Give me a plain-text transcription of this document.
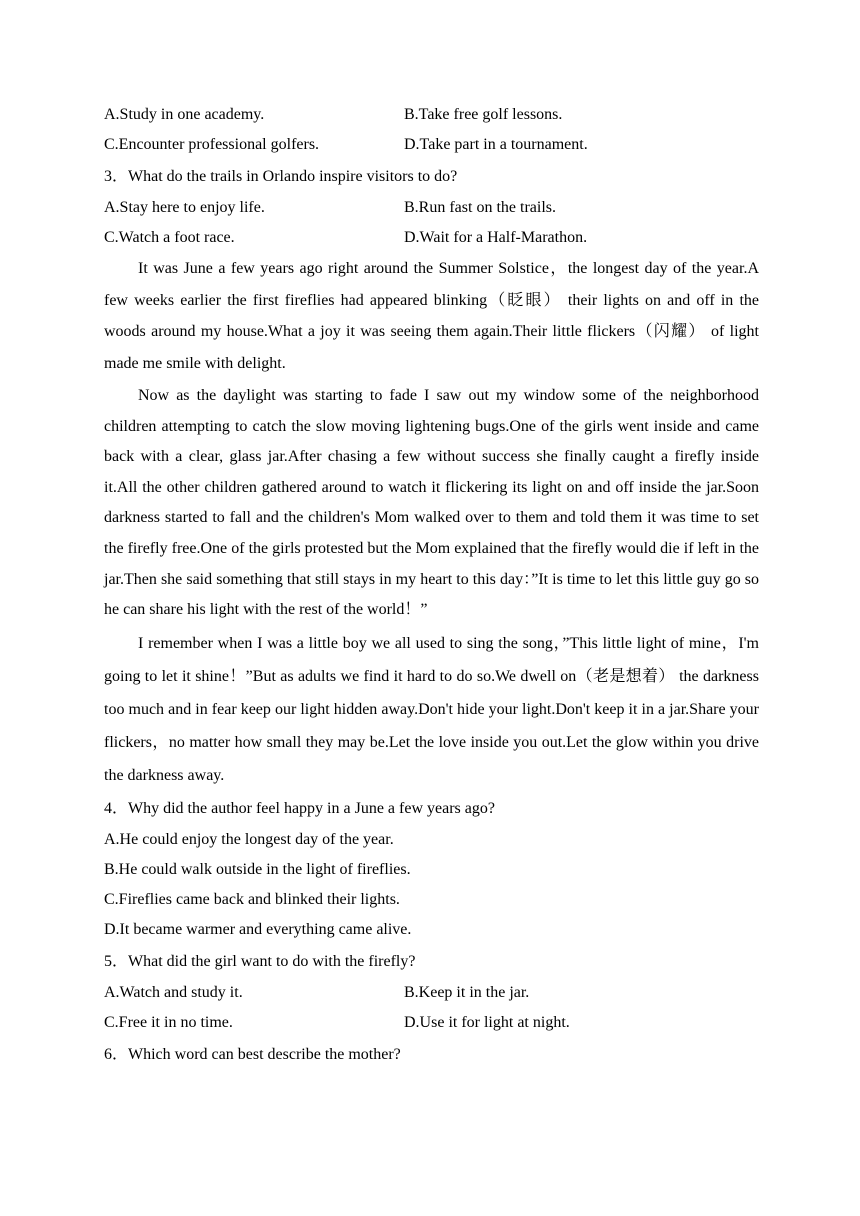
A.Study in one academy.	B.Take free golf lessons.
C.Encounter professional golfers.	D.Take part in a tournament.
3．What do the trails in Orlando inspire visitors to do?
A.Stay here to enjoy life.	B.Run fast on the trails.
C.Watch a foot race.	D.Wait for a Half-Marathon.

It was June a few years ago right around the Summer Solstice，the longest day of the year.A few weeks earlier the first fireflies had appeared blinking（眨眼） their lights on and off in the woods around my house.What a joy it was seeing them again.Their little flickers（闪耀） of light made me smile with delight.

Now as the daylight was starting to fade I saw out my window some of the neighborhood children attempting to catch the slow moving lightening bugs.One of the girls went inside and came back with a clear, glass jar.After chasing a few without success she finally caught a firefly inside it.All the other children gathered around to watch it flickering its light on and off inside the jar.Soon darkness started to fall and the children's Mom walked over to them and told them it was time to set the firefly free.One of the girls protested but the Mom explained that the firefly would die if left in the jar.Then she said something that still stays in my heart to this day：”It is time to let this little guy go so he can share his light with the rest of the world！”

I remember when I was a little boy we all used to sing the song，”This little light of mine，I'm going to let it shine！”But as adults we find it hard to do so.We dwell on（老是想着） the darkness too much and in fear keep our light hidden away.Don't hide your light.Don't keep it in a jar.Share your flickers，no matter how small they may be.Let the love inside you out.Let the glow within you drive the darkness away.

4．Why did the author feel happy in a June a few years ago?
A.He could enjoy the longest day of the year.
B.He could walk outside in the light of fireflies.
C.Fireflies came back and blinked their lights.
D.It became warmer and everything came alive.
5．What did the girl want to do with the firefly?
A.Watch and study it.	B.Keep it in the jar.
C.Free it in no time.	D.Use it for light at night.
6．Which word can best describe the mother?
